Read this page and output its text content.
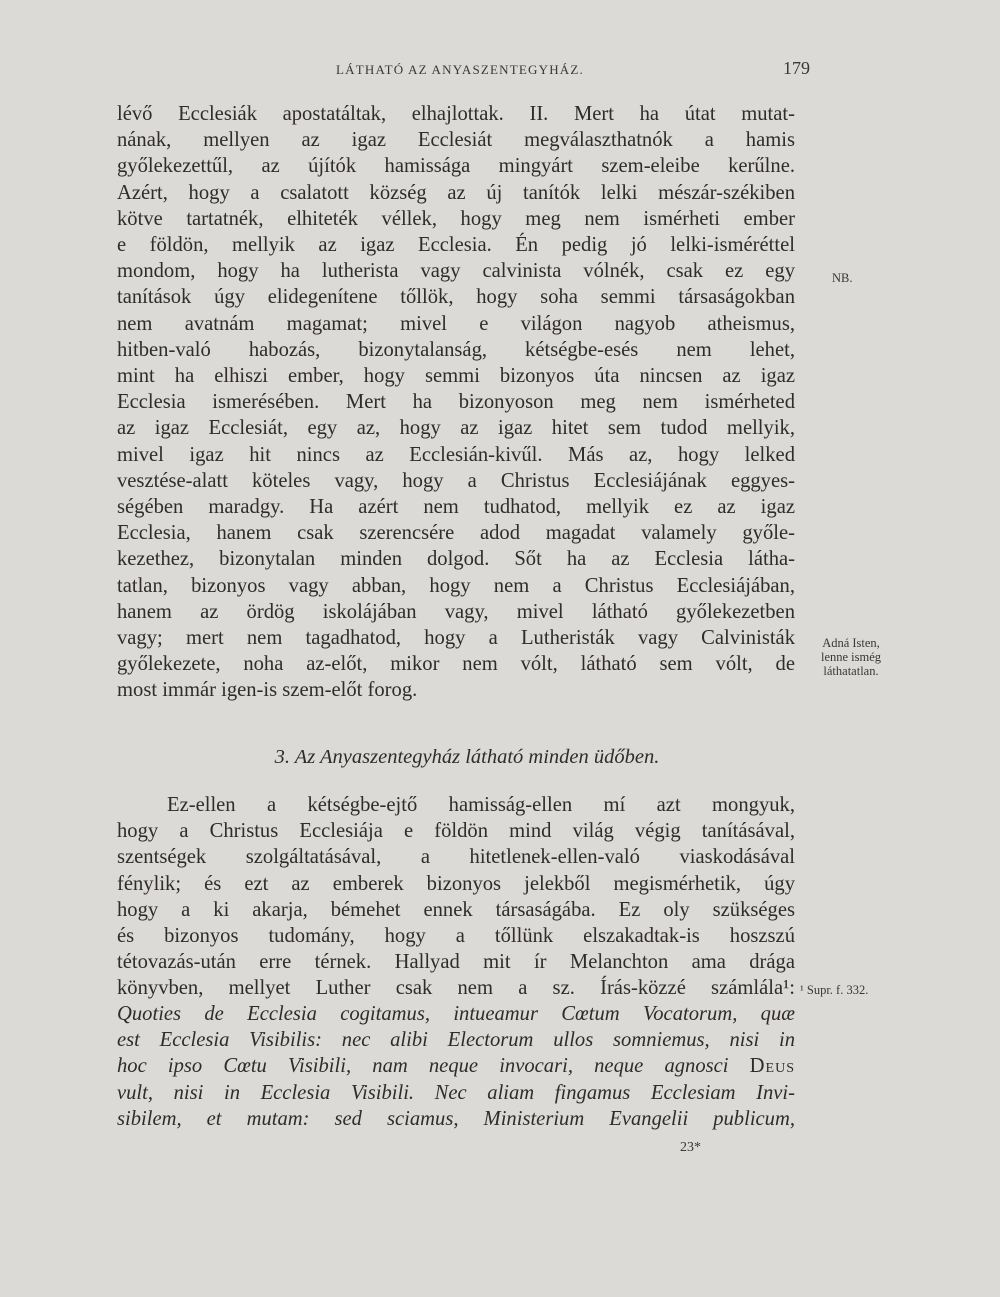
LÁTHATÓ AZ ANYASZENTEGYHÁZ.	179
lévő Ecclesiák apostatáltak, elhajlottak. II. Mert ha útat mutat-
nának, mellyen az igaz Ecclesiát megválaszthatnók a hamis
győlekezettűl, az újítók hamissága mingyárt szem-eleibe kerűlne.
Azért, hogy a csalatott község az új tanítók lelki mészár-székiben
kötve tartatnék, elhiteték véllek, hogy meg nem ismérheti ember
e földön, mellyik az igaz Ecclesia. Én pedig jó lelki-isméréttel
mondom, hogy ha lutherista vagy calvinista vólnék, csak ez egy
tanítások úgy elidegenítene tőllök, hogy soha semmi társaságokban
nem avatnám magamat; mivel e világon nagyob atheismus,
hitben-való habozás, bizonytalanság, kétségbe-esés nem lehet,
mint ha elhiszi ember, hogy semmi bizonyos úta nincsen az igaz
Ecclesia ismerésében. Mert ha bizonyoson meg nem ismérheted
az igaz Ecclesiát, egy az, hogy az igaz hitet sem tudod mellyik,
mivel igaz hit nincs az Ecclesián-kivűl. Más az, hogy lelked
vesztése-alatt köteles vagy, hogy a Christus Ecclesiájának eggyes-
ségében maradgy. Ha azért nem tudhatod, mellyik ez az igaz
Ecclesia, hanem csak szerencsére adod magadat valamely győle-
kezethez, bizonytalan minden dolgod. Sőt ha az Ecclesia látha-
tatlan, bizonyos vagy abban, hogy nem a Christus Ecclesiájában,
hanem az ördög iskolájában vagy, mivel látható győlekezetben
vagy; mert nem tagadhatod, hogy a Lutheristák vagy Calvinisták
győlekezete, noha az-előt, mikor nem vólt, látható sem vólt, de
most immár igen-is szem-előt forog.
3. Az Anyaszentegyház látható minden üdőben.
Ez-ellen a kétségbe-ejtő hamisság-ellen mí azt mongyuk,
hogy a Christus Ecclesiája e földön mind világ végig tanításával,
szentségek szolgáltatásával, a hitetlenek-ellen-való viaskodásával
fénylik; és ezt az emberek bizonyos jelekből megismérhetik, úgy
hogy a ki akarja, bémehet ennek társaságába. Ez oly szükséges
és bizonyos tudomány, hogy a tőllünk elszakadtak-is hoszszú
tétovazás-után erre térnek. Hallyad mit ír Melanchton ama drága
könyvben, mellyet Luther csak nem a sz. Írás-közzé számlála¹:
Quoties de Ecclesia cogitamus, intueamur Cœtum Vocatorum, quæ
est Ecclesia Visibilis: nec alibi Electorum ullos somniemus, nisi in
hoc ipso Cœtu Visibili, nam neque invocari, neque agnosci Deus
vult, nisi in Ecclesia Visibili. Nec aliam fingamus Ecclesiam Invi-
sibilem, et mutam: sed sciamus, Ministerium Evangelii publicum,
NB.
Adná Isten,
lenne ismég
láthatatlan.
¹ Supr. f. 332.
23*
